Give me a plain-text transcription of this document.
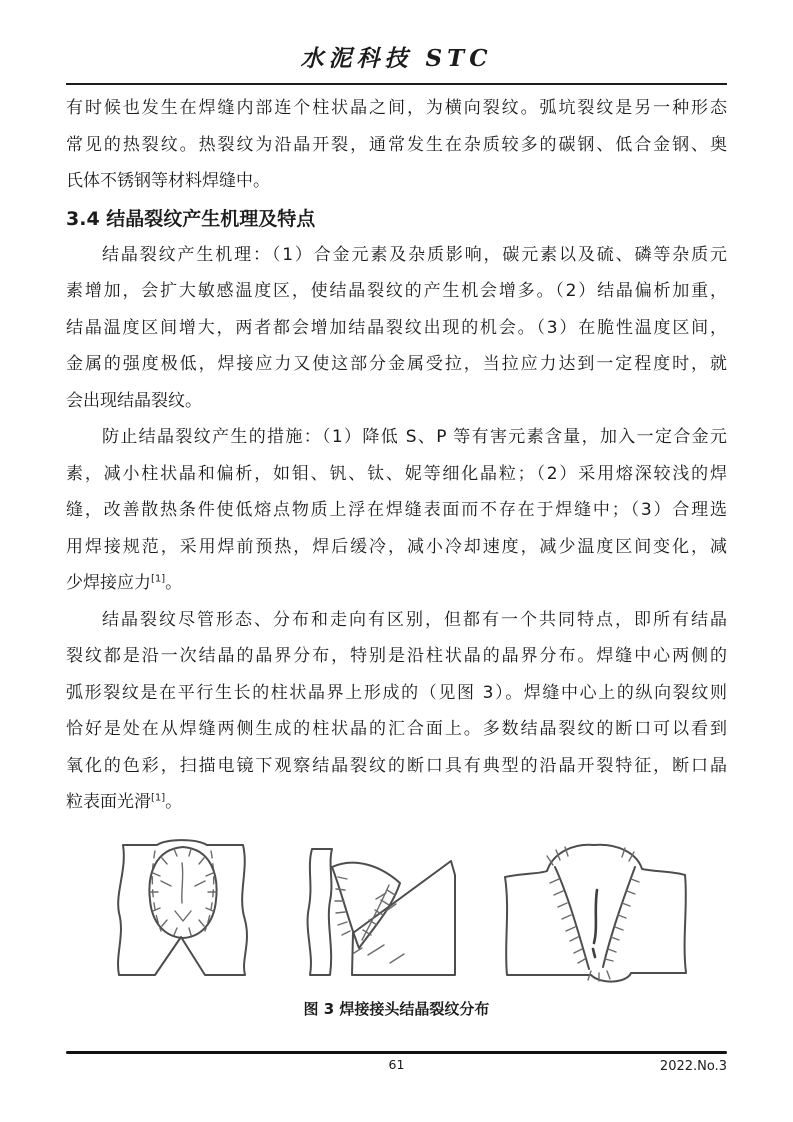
水泥科技 STC
有时候也发生在焊缝内部连个柱状晶之间，为横向裂纹。弧坑裂纹是另一种形态
常见的热裂纹。热裂纹为沿晶开裂，通常发生在杂质较多的碳钢、低合金钢、奥
氏体不锈钢等材料焊缝中。
3.4 结晶裂纹产生机理及特点
结晶裂纹产生机理：（1）合金元素及杂质影响，碳元素以及硫、磷等杂质元
素增加，会扩大敏感温度区，使结晶裂纹的产生机会增多。（2）结晶偏析加重，
结晶温度区间增大，两者都会增加结晶裂纹出现的机会。（3）在脆性温度区间，
金属的强度极低，焊接应力又使这部分金属受拉，当拉应力达到一定程度时，就
会出现结晶裂纹。
防止结晶裂纹产生的措施：（1）降低 S、P 等有害元素含量，加入一定合金元
素，减小柱状晶和偏析，如钼、钒、钛、妮等细化晶粒；（2）采用熔深较浅的焊
缝，改善散热条件使低熔点物质上浮在焊缝表面而不存在于焊缝中；（3）合理选
用焊接规范，采用焊前预热，焊后缓冷，减小冷却速度，减少温度区间变化，减
少焊接应力[1]。
结晶裂纹尽管形态、分布和走向有区别，但都有一个共同特点，即所有结晶
裂纹都是沿一次结晶的晶界分布，特别是沿柱状晶的晶界分布。焊缝中心两侧的
弧形裂纹是在平行生长的柱状晶界上形成的（见图 3）。焊缝中心上的纵向裂纹则
恰好是处在从焊缝两侧生成的柱状晶的汇合面上。多数结晶裂纹的断口可以看到
氧化的色彩，扫描电镜下观察结晶裂纹的断口具有典型的沿晶开裂特征，断口晶
粒表面光滑[1]。
图 3 焊接接头结晶裂纹分布
61	2022.No.3
